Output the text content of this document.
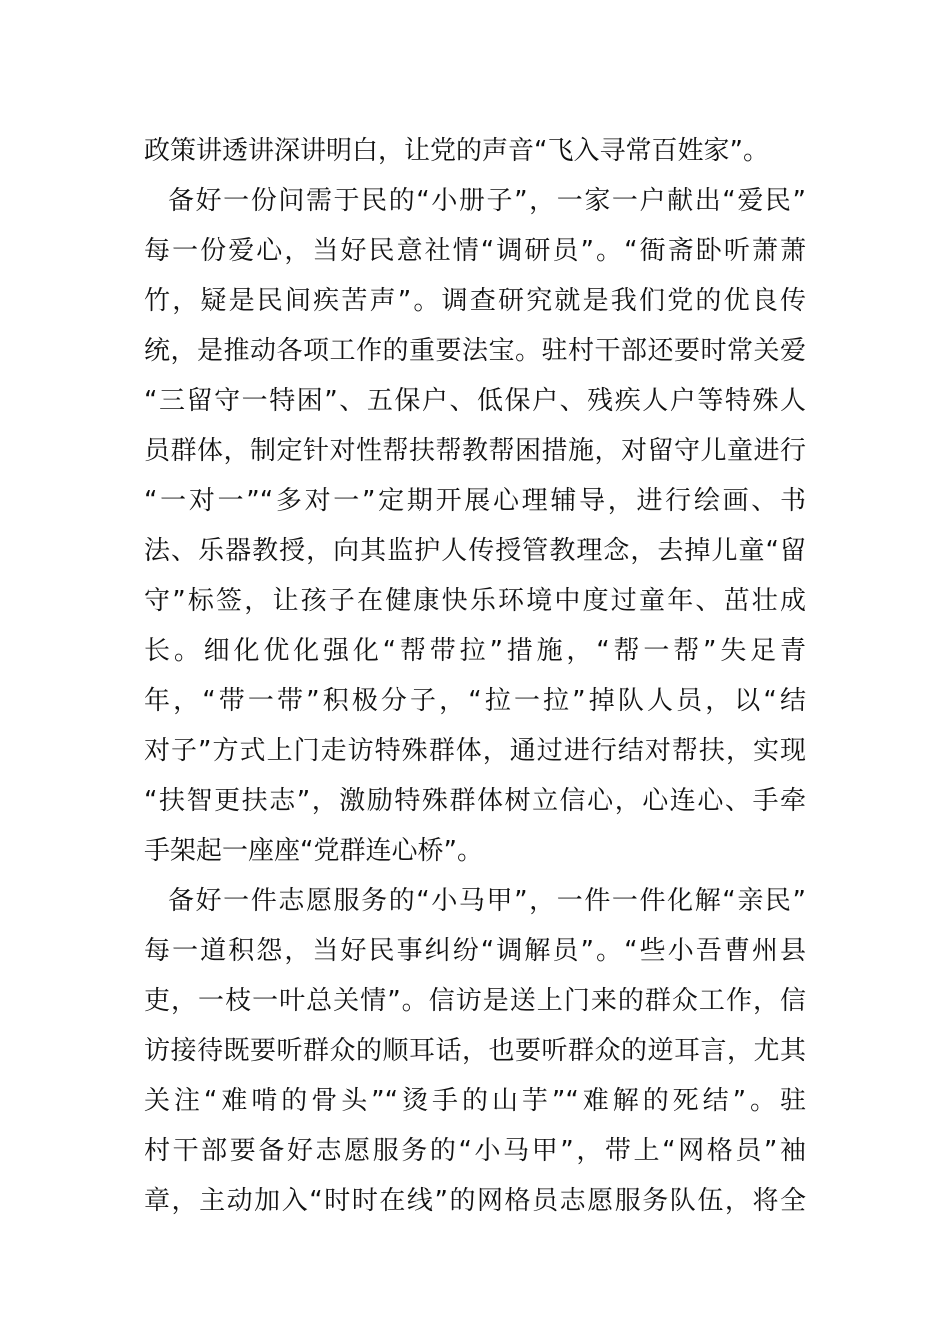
政策讲透讲深讲明白，让党的声音“飞入寻常百姓家”。
备好一份问需于民的“小册子”，一家一户献出“爱民”
每一份爱心，当好民意社情“调研员”。“衙斋卧听萧萧
竹，疑是民间疾苦声”。调查研究就是我们党的优良传
统，是推动各项工作的重要法宝。驻村干部还要时常关爱
“三留守一特困”、五保户、低保户、残疾人户等特殊人
员群体，制定针对性帮扶帮教帮困措施，对留守儿童进行
“一对一”“多对一”定期开展心理辅导，进行绘画、书
法、乐器教授，向其监护人传授管教理念，去掉儿童“留
守”标签，让孩子在健康快乐环境中度过童年、茁壮成
长。细化优化强化“帮带拉”措施，“帮一帮”失足青
年，“带一带”积极分子，“拉一拉”掉队人员，以“结
对子”方式上门走访特殊群体，通过进行结对帮扶，实现
“扶智更扶志”，激励特殊群体树立信心，心连心、手牵
手架起一座座“党群连心桥”。
备好一件志愿服务的“小马甲”，一件一件化解“亲民”
每一道积怨，当好民事纠纷“调解员”。“些小吾曹州县
吏，一枝一叶总关情”。信访是送上门来的群众工作，信
访接待既要听群众的顺耳话，也要听群众的逆耳言，尤其
关注“难啃的骨头”“烫手的山芋”“难解的死结”。驻
村干部要备好志愿服务的“小马甲”，带上“网格员”袖
章，主动加入“时时在线”的网格员志愿服务队伍，将全
